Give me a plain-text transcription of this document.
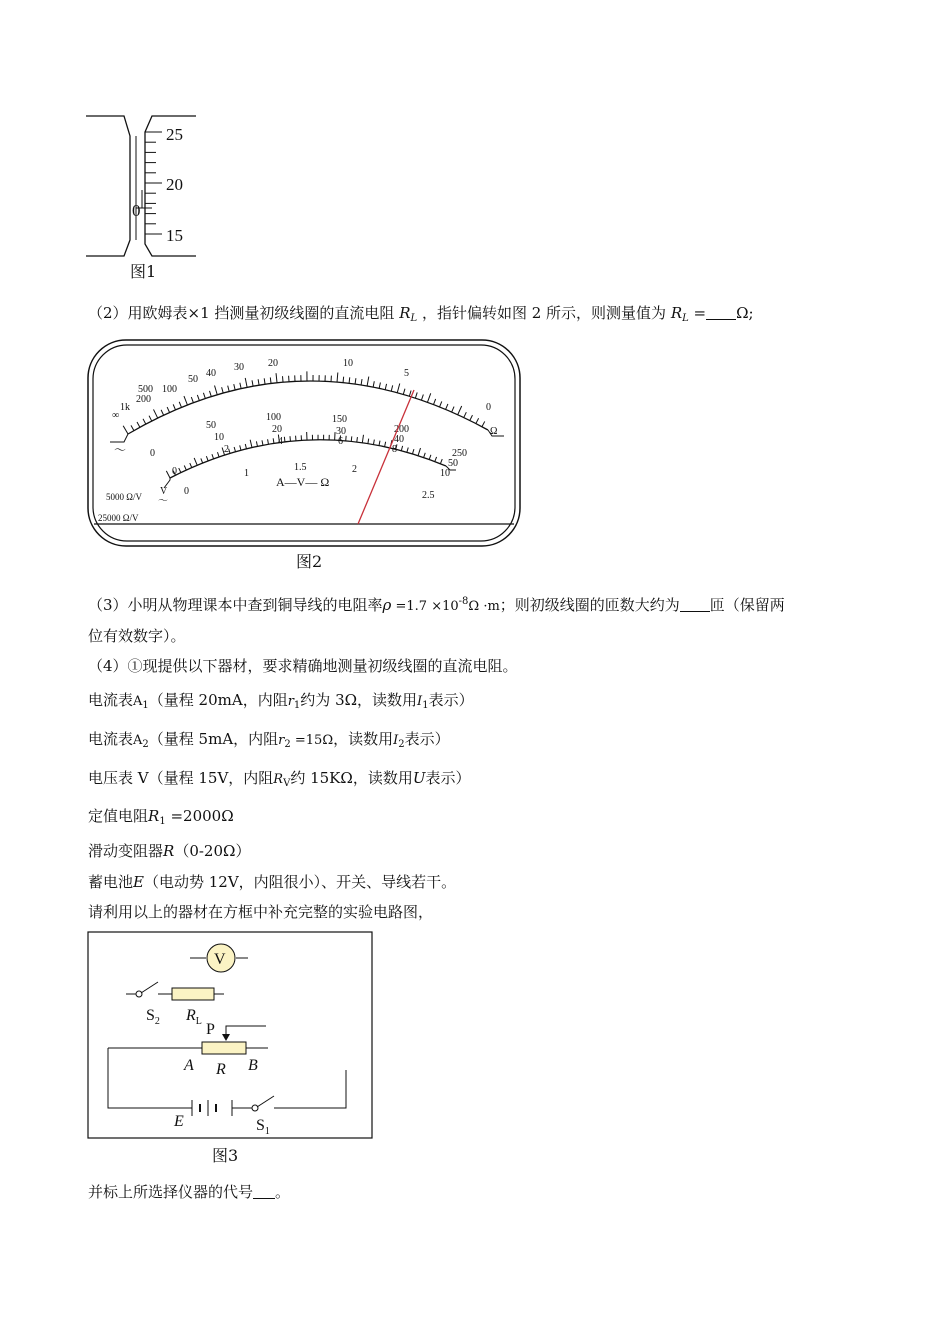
25
20
15
0
图1
（2）用欧姆表×1 挡测量初级线圈的直流电阻 $R_L$ ，指针偏转如图 2 所示，则测量值为 $R_L = \Omega$;
∞
1k
500
200
100
50
40
30 20	10
5
0
Ω
0
50
100	150
200
250
10
20	30
40
50
0
2
4	6
8
10
0
1
1.5	2
2.5
A—V— Ω
～
V
～
5000 Ω/V
25000 Ω/V
图2
（3）小明从物理课本中查到铜导线的电阻率$\rho =1.7 \times 10^{-8}\Omega \cdot m$；则初级线圈的匝数大约为 匝（保留两
位有效数字）。
（4）①现提供以下器材，要求精确地测量初级线圈的直流电阻。
电流表$A_1$（量程 20mA，内阻$r_1$约为 3Ω，读数用$I_1$表示）
电流表$A_2$（量程 5mA，内阻$r_2 =15\Omega$，读数用$I_2$表示）
电压表 V（量程 15V，内阻$R_V$约 15KΩ，读数用U表示）
定值电阻$R_1 =2000\Omega$
滑动变阻器R（0-20Ω）
蓄电池E（电动势 12V，内阻很小）、开关、导线若干。
请利用以上的器材在方框中补充完整的实验电路图，
V
$S_2$ $R_L$ P
A R B
E	$S_1$
图3
并标上所选择仪器的代号 。
